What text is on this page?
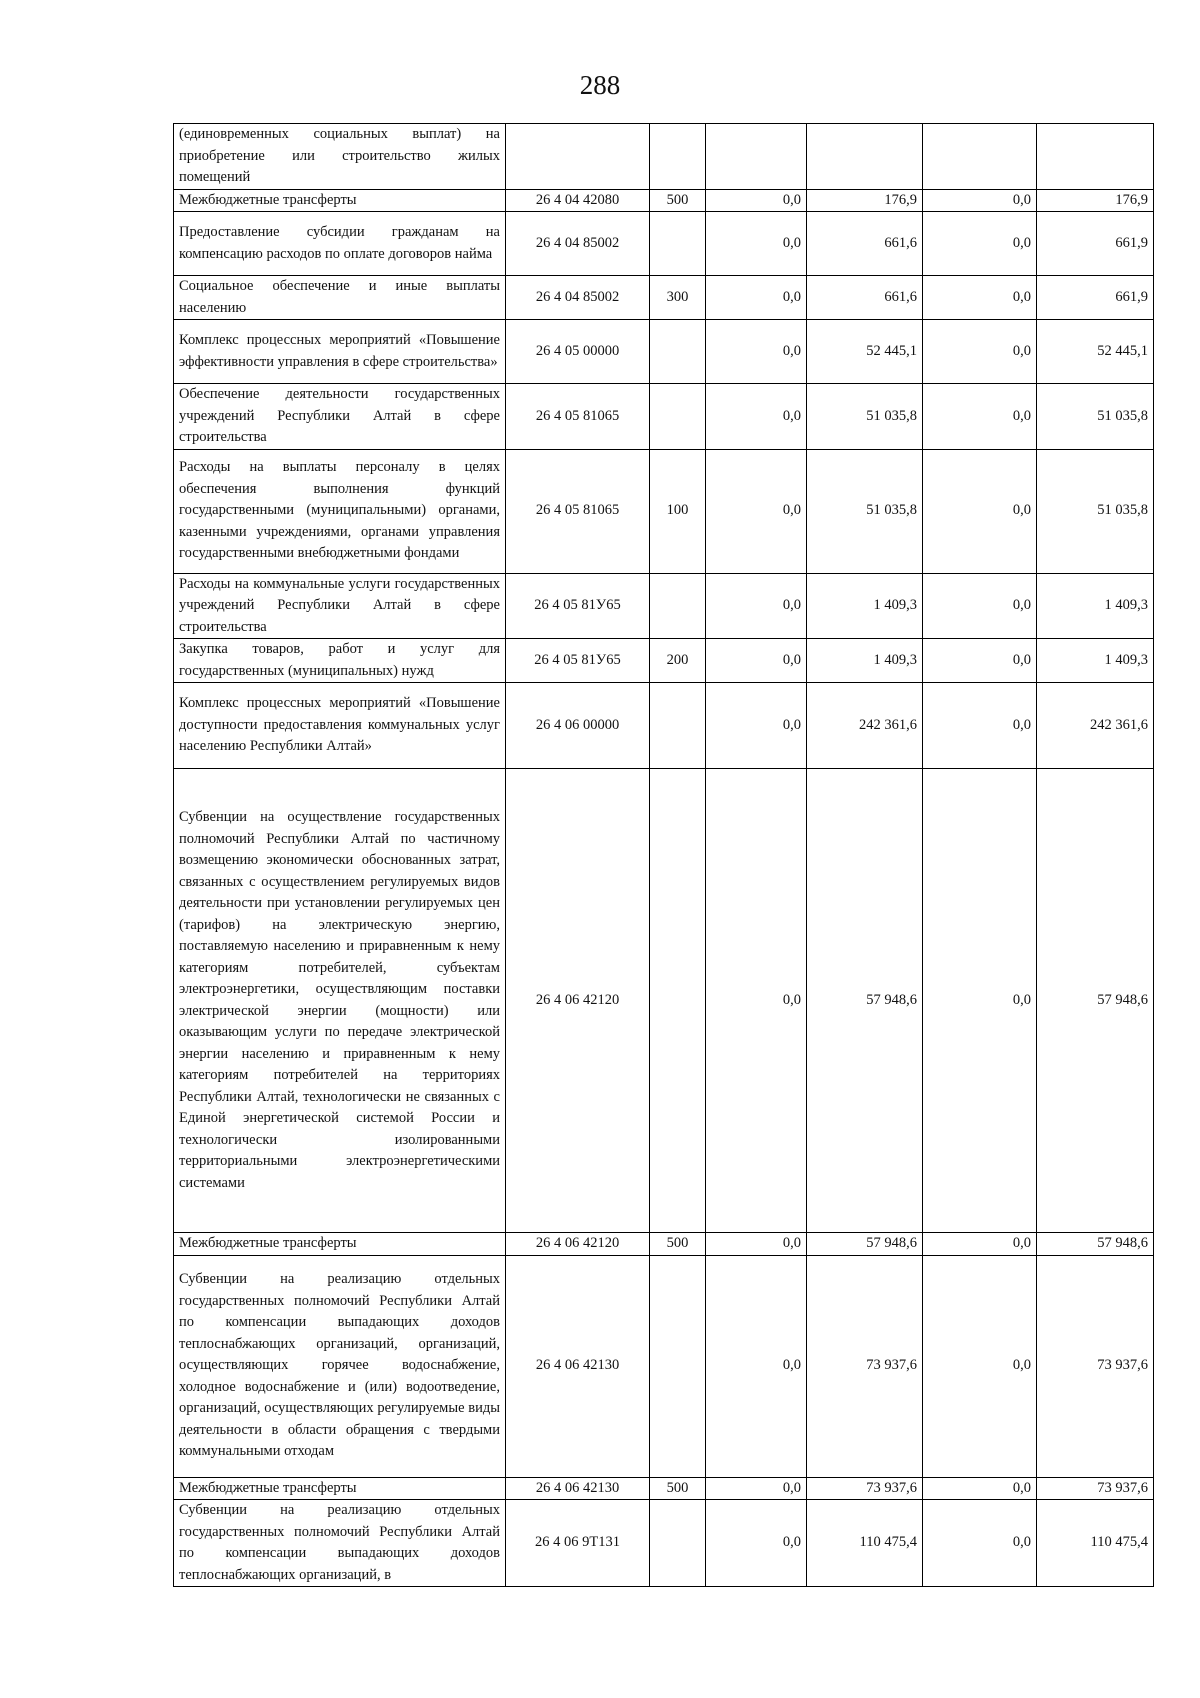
288
(единовременных социальных выплат) на приобретение или строительство жилых помещений						
Межбюджетные трансферты	26 4 04 42080	500	0,0	176,9	0,0	176,9
Предоставление субсидии гражданам на компенсацию расходов по оплате договоров найма	26 4 04 85002		0,0	661,6	0,0	661,9
Социальное обеспечение и иные выплаты населению	26 4 04 85002	300	0,0	661,6	0,0	661,9
Комплекс процессных мероприятий «Повышение эффективности управления в сфере строительства»	26 4 05 00000		0,0	52 445,1	0,0	52 445,1
Обеспечение деятельности государственных учреждений Республики Алтай в сфере строительства	26 4 05 81065		0,0	51 035,8	0,0	51 035,8
Расходы на выплаты персоналу в целях обеспечения выполнения функций государственными (муниципальными) органами, казенными учреждениями, органами управления государственными внебюджетными фондами	26 4 05 81065	100	0,0	51 035,8	0,0	51 035,8
Расходы на коммунальные услуги государственных учреждений Республики Алтай в сфере строительства	26 4 05 81У65		0,0	1 409,3	0,0	1 409,3
Закупка товаров, работ и услуг для государственных (муниципальных) нужд	26 4 05 81У65	200	0,0	1 409,3	0,0	1 409,3
Комплекс процессных мероприятий «Повышение доступности предоставления коммунальных услуг населению Республики Алтай»	26 4 06 00000		0,0	242 361,6	0,0	242 361,6
Субвенции на осуществление государственных полномочий Республики Алтай по частичному возмещению экономически обоснованных затрат, связанных с осуществлением регулируемых видов деятельности при установлении регулируемых цен (тарифов) на электрическую энергию, поставляемую населению и приравненным к нему категориям потребителей, субъектам электроэнергетики, осуществляющим поставки электрической энергии (мощности) или оказывающим услуги по передаче электрической энергии населению и приравненным к нему категориям потребителей на территориях Республики Алтай, технологически не связанных с Единой энергетической системой России и технологически изолированными территориальными электроэнергетическими системами	26 4 06 42120		0,0	57 948,6	0,0	57 948,6
Межбюджетные трансферты	26 4 06 42120	500	0,0	57 948,6	0,0	57 948,6
Субвенции на реализацию отдельных государственных полномочий Республики Алтай по компенсации выпадающих доходов теплоснабжающих организаций, организаций, осуществляющих горячее водоснабжение, холодное водоснабжение и (или) водоотведение, организаций, осуществляющих регулируемые виды деятельности в области обращения с твердыми коммунальными отходам	26 4 06 42130		0,0	73 937,6	0,0	73 937,6
Межбюджетные трансферты	26 4 06 42130	500	0,0	73 937,6	0,0	73 937,6
Субвенции на реализацию отдельных государственных полномочий Республики Алтай по компенсации выпадающих доходов теплоснабжающих организаций, в	26 4 06 9Т131		0,0	110 475,4	0,0	110 475,4
